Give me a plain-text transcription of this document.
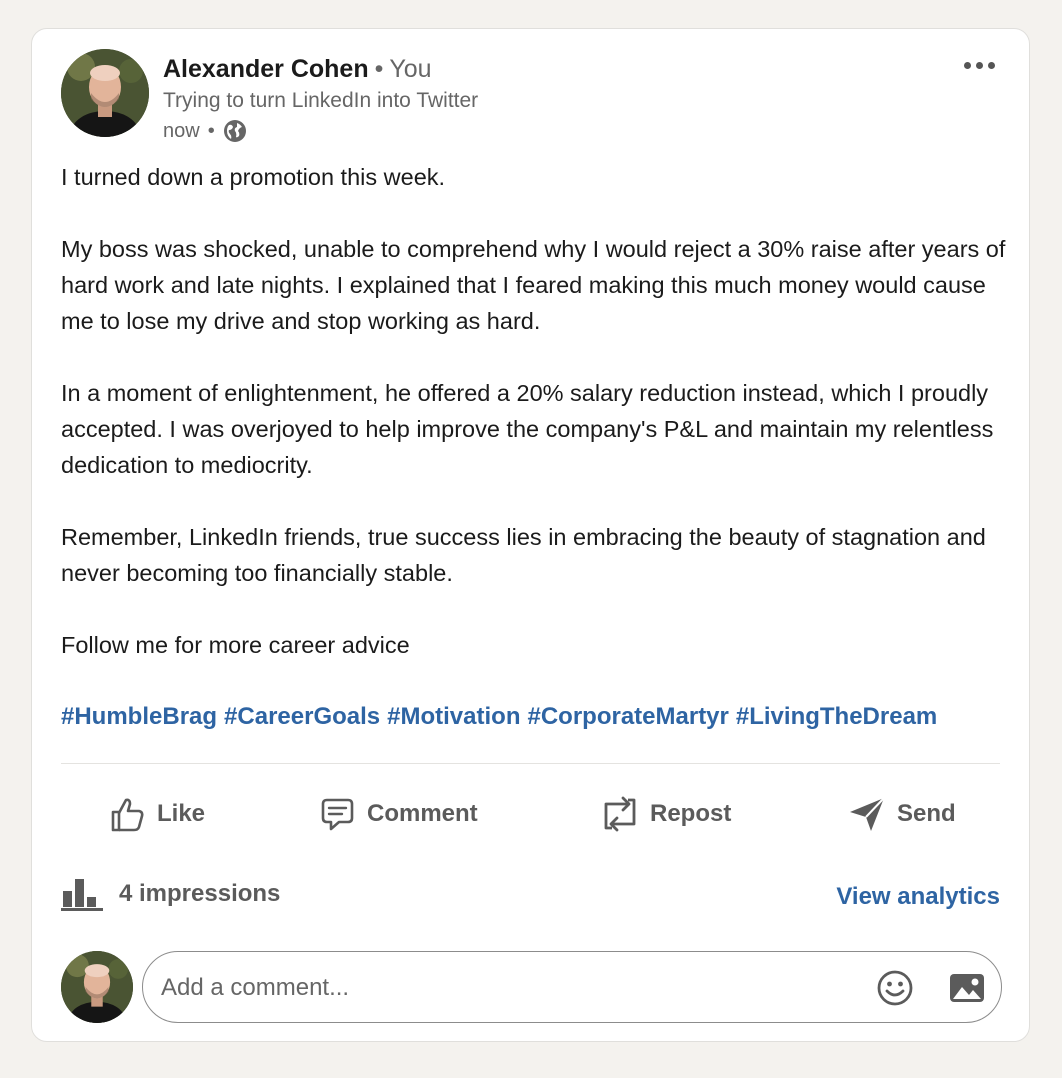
Alexander Cohen • You
Trying to turn LinkedIn into Twitter
now •

I turned down a promotion this week.

My boss was shocked, unable to comprehend why I would reject a 30% raise after years of hard work and late nights. I explained that I feared making this much money would cause me to lose my drive and stop working as hard.

In a moment of enlightenment, he offered a 20% salary reduction instead, which I proudly accepted. I was overjoyed to help improve the company's P&L and maintain my relentless dedication to mediocrity.

Remember, LinkedIn friends, true success lies in embracing the beauty of stagnation and never becoming too financially stable.

Follow me for more career advice

#HumbleBrag #CareerGoals #Motivation #CorporateMartyr #LivingTheDream
Like	Comment	Repost	Send
4 impressions	View analytics
Add a comment...
